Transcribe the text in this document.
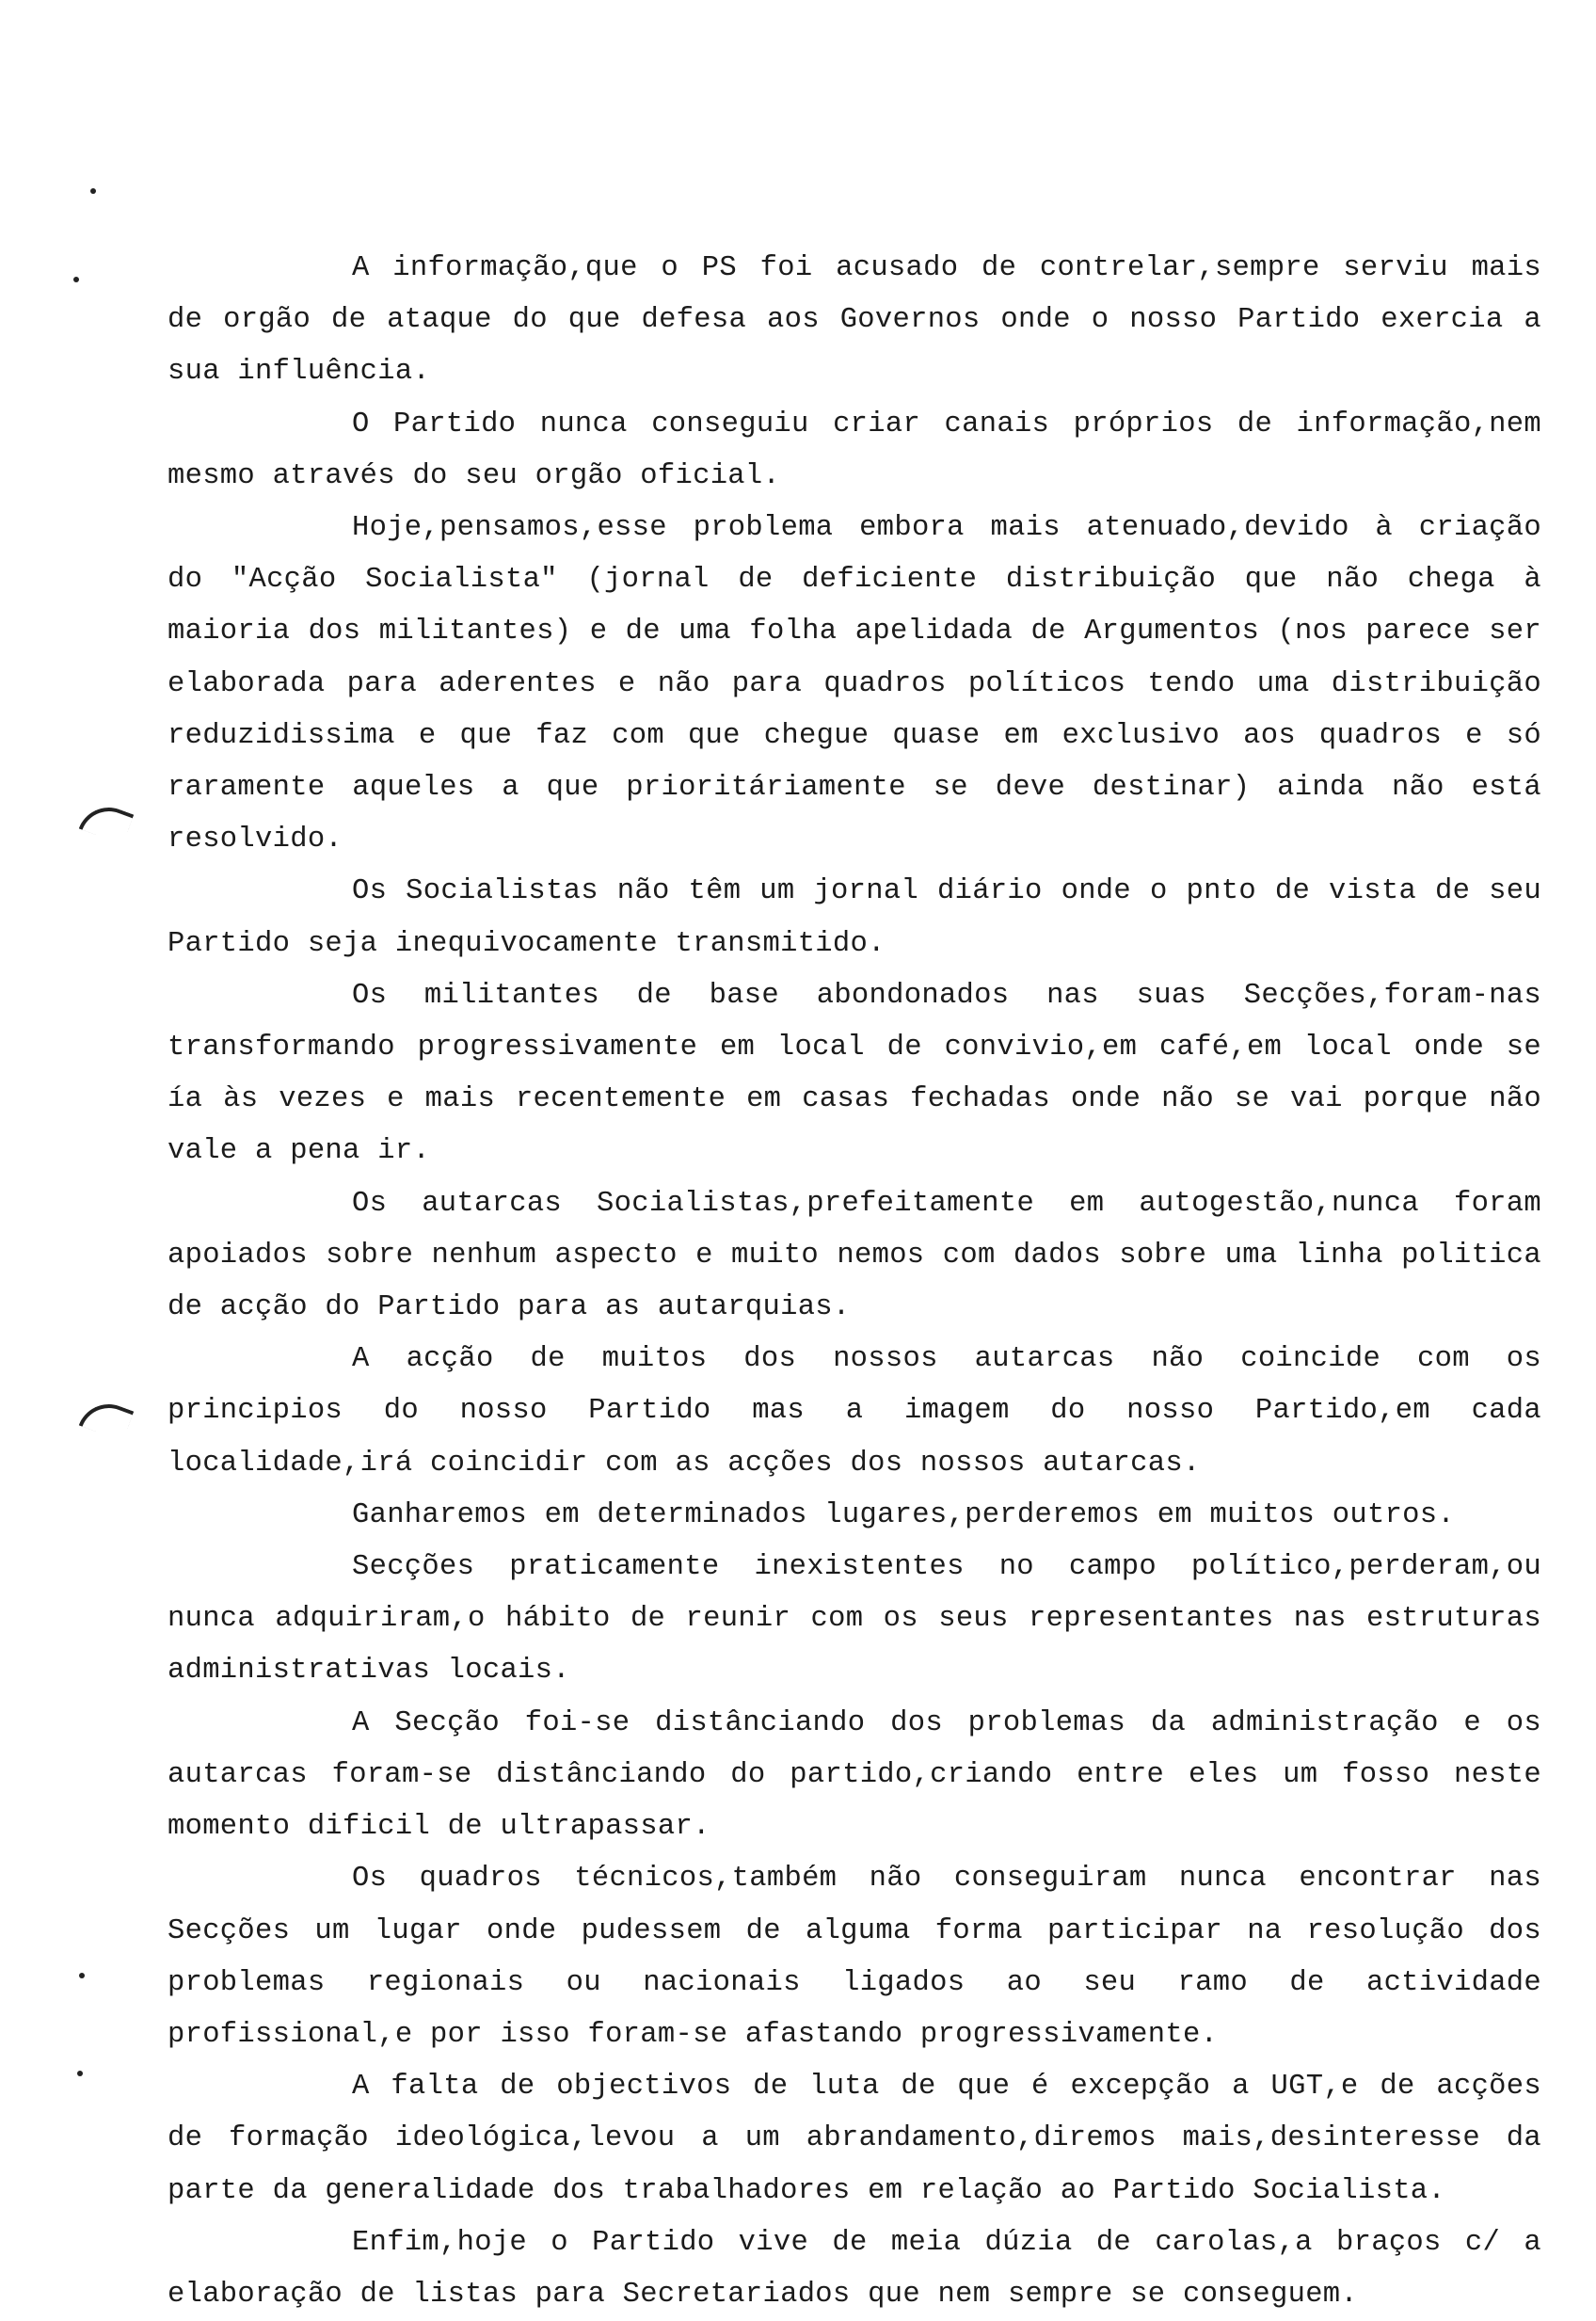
A informação,que o PS foi acusado de contrelar,sempre serviu mais de orgão de ataque do que defesa aos Governos onde o nosso Partido exercia a sua influência.

O Partido nunca conseguiu criar canais próprios de informação,nem mesmo através do seu orgão oficial.

Hoje,pensamos,esse problema embora mais atenuado,devido à criação do "Acção Socialista" (jornal de deficiente distribuição que não chega à maioria dos militantes) e de uma folha apelidada de Argumentos (nos parece ser elaborada para aderentes e não para quadros políticos tendo uma distribuição reduzidissima e que faz com que chegue quase em exclusivo aos quadros e só raramente aqueles a que prioritáriamente se deve destinar) ainda não está resolvido.

Os Socialistas não têm um jornal diário onde o pnto de vista de seu Partido seja inequivocamente transmitido.

Os militantes de base abondonados nas suas Secções,foram-nas transformando progressivamente em local de convivio,em café,em local onde se ía às vezes e mais recentemente em casas fechadas onde não se vai porque não vale a pena ir.

Os autarcas Socialistas,prefeitamente em autogestão,nunca foram apoiados sobre nenhum aspecto e muito nemos com dados sobre uma linha politica de acção do Partido para as autarquias.

A acção de muitos dos nossos autarcas não coincide com os principios do nosso Partido mas a imagem do nosso Partido,em cada localidade,irá coincidir com as acções dos nossos autarcas.

Ganharemos em determinados lugares,perderemos em muitos outros.

Secções praticamente inexistentes no campo político,perderam,ou nunca adquiriram,o hábito de reunir com os seus representantes nas estruturas administrativas locais.

A Secção foi-se distânciando dos problemas da administração e os autarcas foram-se distânciando do partido,criando entre eles um fosso neste momento dificil de ultrapassar.

Os quadros técnicos,também não conseguiram nunca encontrar nas Secções um lugar onde pudessem de alguma forma participar na resolução dos problemas regionais ou nacionais ligados ao seu ramo de actividade profissional,e por isso foram-se afastando progressivamente.

A falta de objectivos de luta de que é excepção a UGT,e de acções de formação ideológica,levou a um abrandamento,diremos mais,desinteresse da parte da generalidade dos trabalhadores em relação ao Partido Socialista.

Enfim,hoje o Partido vive de meia dúzia de carolas,a braços c/ a elaboração de listas para Secretariados que nem sempre se conseguem.
